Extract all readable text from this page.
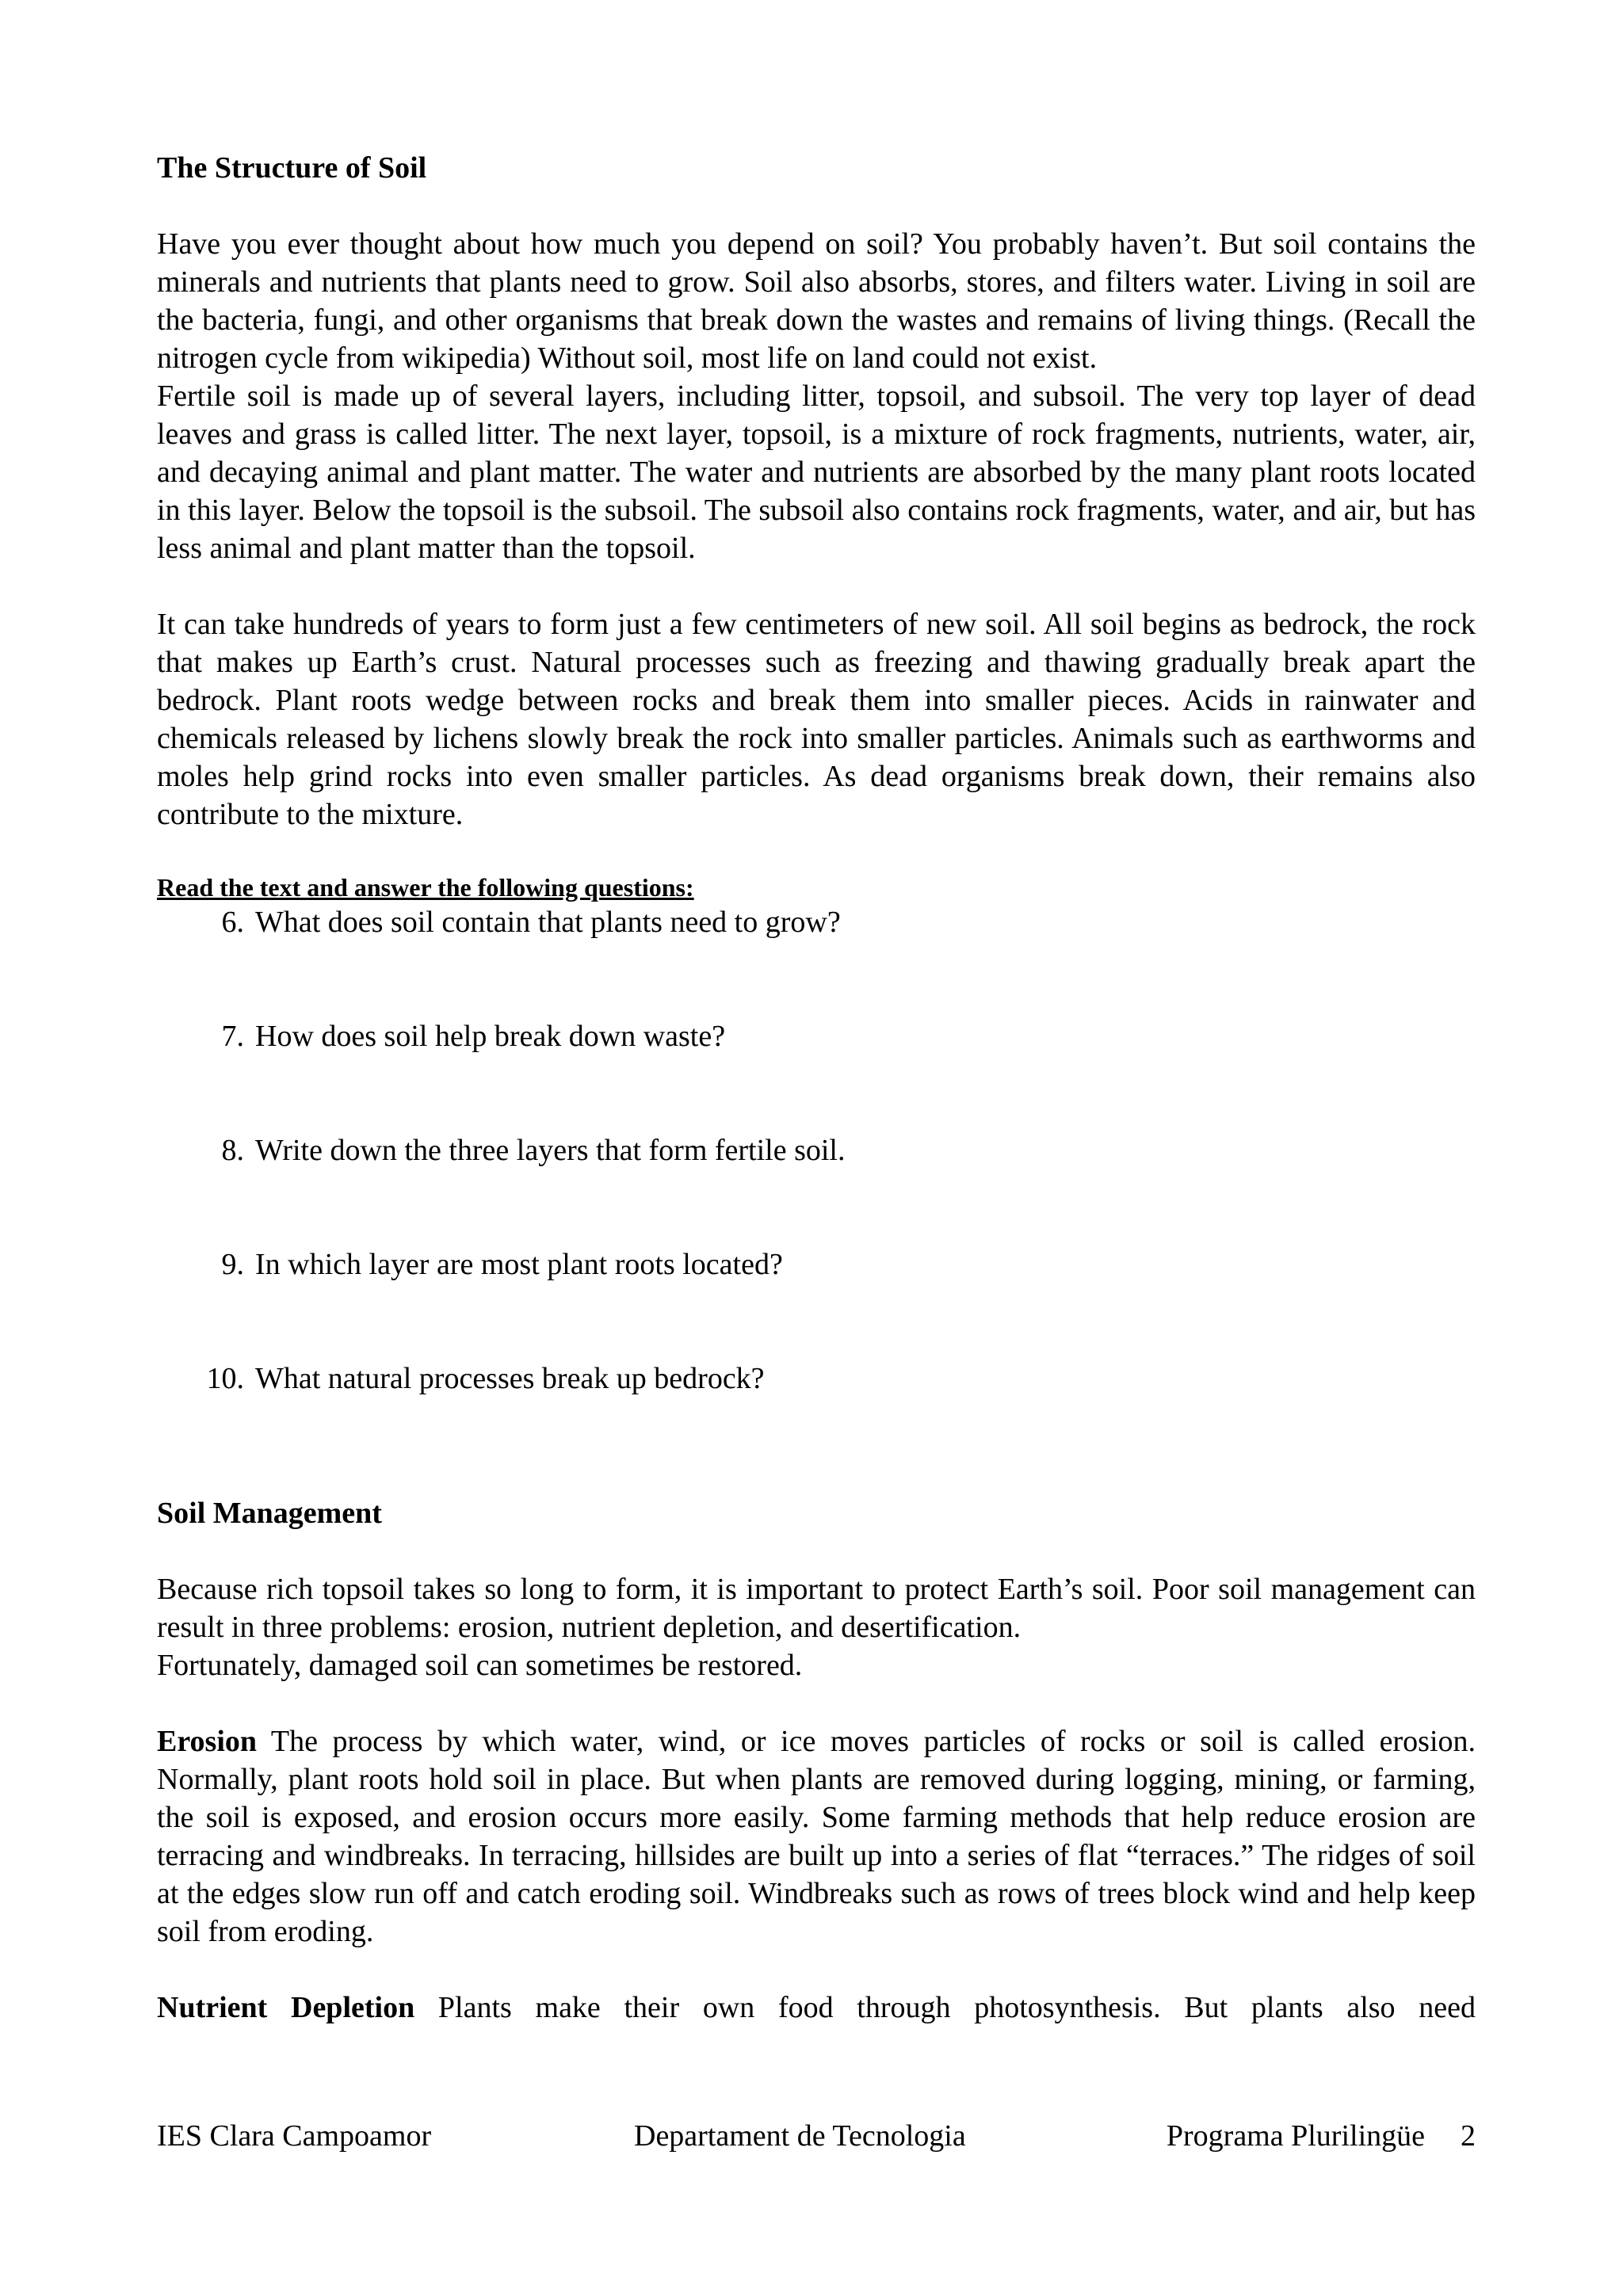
The Structure of Soil

Have you ever thought about how much you depend on soil? You probably haven’t. But soil contains the minerals and nutrients that plants need to grow. Soil also absorbs, stores, and filters water. Living in soil are the bacteria, fungi, and other organisms that break down the wastes and remains of living things. (Recall the nitrogen cycle from wikipedia) Without soil, most life on land could not exist.

Fertile soil is made up of several layers, including litter, topsoil, and subsoil. The very top layer of dead leaves and grass is called litter. The next layer, topsoil, is a mixture of rock fragments, nutrients, water, air, and decaying animal and plant matter. The water and nutrients are absorbed by the many plant roots located in this layer. Below the topsoil is the subsoil. The subsoil also contains rock fragments, water, and air, but has less animal and plant matter than the topsoil.

It can take hundreds of years to form just a few centimeters of new soil. All soil begins as bedrock, the rock that makes up Earth’s crust. Natural processes such as freezing and thawing gradually break apart the bedrock. Plant roots wedge between rocks and break them into smaller pieces. Acids in rainwater and chemicals released by lichens slowly break the rock into smaller particles. Animals such as earthworms and moles help grind rocks into even smaller particles. As dead organisms break down, their remains also contribute to the mixture.

Read the text and answer the following questions:

6. What does soil contain that plants need to grow?
7. How does soil help break down waste?
8. Write down the three layers that form fertile soil.
9. In which layer are most plant roots located?
10. What natural processes break up bedrock?
Soil Management

Because rich topsoil takes so long to form, it is important to protect Earth’s soil. Poor soil management can result in three problems: erosion, nutrient depletion, and desertification.

Fortunately, damaged soil can sometimes be restored.

Erosion The process by which water, wind, or ice moves particles of rocks or soil is called erosion. Normally, plant roots hold soil in place. But when plants are removed during logging, mining, or farming, the soil is exposed, and erosion occurs more easily. Some farming methods that help reduce erosion are terracing and windbreaks. In terracing, hillsides are built up into a series of flat “terraces.” The ridges of soil at the edges slow run off and catch eroding soil. Windbreaks such as rows of trees block wind and help keep soil from eroding.

Nutrient Depletion Plants make their own food through photosynthesis. But plants also need

IES Clara Campoamor	Departament de Tecnologia	Programa Plurilingüe	2
